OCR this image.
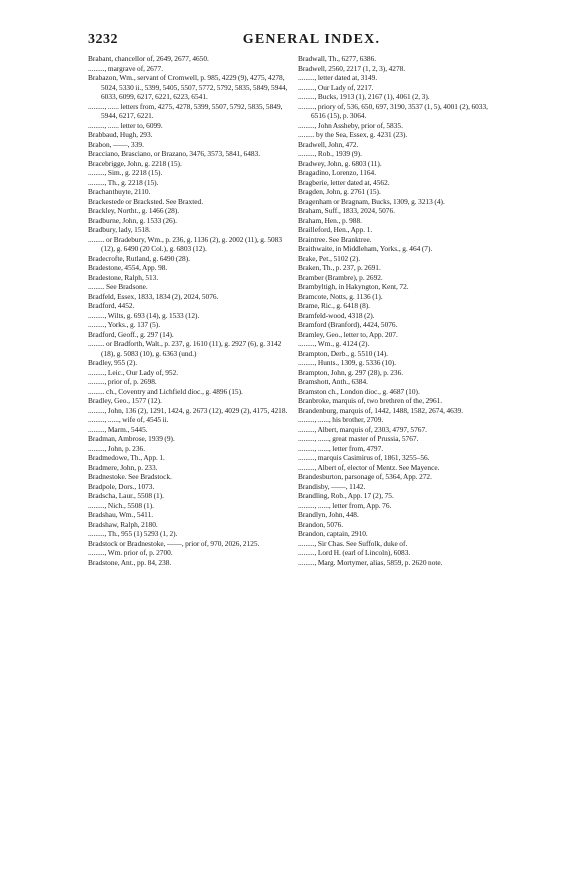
3232	GENERAL INDEX.
Brabant, chancellor of, 2649, 2677, 4650.
........., margrave of, 2677.
Brabazon, Wm., servant of Cromwell, p. 985, 4229 (9), 4275, 4278, 5024, 5330 ii., 5399, 5405, 5507, 5772, 5792, 5835, 5849, 5944, 6033, 6099, 6217, 6221, 6223, 6541.
........., ...... letters from, 4275, 4278, 5399, 5507, 5792, 5835, 5849, 5944, 6217, 6221.
........., ...... letter to, 6099.
Brabbaud, Hugh, 293.
Brabon, ——, 339.
Bracciano, Brasciano, or Brazano, 3476, 3573, 5841, 6483.
Bracebrigge, John, g. 2218 (15).
........., Sim., g. 2218 (15).
........., Th., g. 2218 (15).
Brachanthuyte, 2110.
Brackestede or Bracksted. See Braxted.
Brackley, Northt., g. 1466 (28).
Bradburne, John, g. 1533 (26).
Bradbury, lady, 1518.
......... or Bradebury, Wm., p. 236, g. 1136 (2), g. 2002 (11), g. 5083 (12), g. 6490 (20 Col.), g. 6803 (12).
Bradecrofte, Rutland, g. 6490 (28).
Bradestone, 4554, App. 98.
Bradestone, Ralph, 513.
......... See Bradsone.
Bradfeld, Essex, 1833, 1834 (2), 2024, 5076.
Bradford, 4452.
........., Wilts, g. 693 (14), g. 1533 (12).
........., Yorks., g. 137 (5).
Bradford, Geoff., g. 297 (14).
......... or Bradforth, Walt., p. 237, g. 1610 (11), g. 2927 (6), g. 3142 (18), g. 5083 (10), g. 6363 (und.)
Bradley, 955 (2).
........., Leic., Our Lady of, 952.
........., prior of, p. 2698.
......... ch., Coventry and Lichfield dioc., g. 4896 (15).
Bradley, Geo., 1577 (12).
........., John, 136 (2), 1291, 1424, g. 2673 (12), 4029 (2), 4175, 4218.
........., ......, wife of, 4545 ii.
........., Marm., 5445.
Bradman, Ambrose, 1939 (9).
........., John, p. 236.
Bradmedowe, Th., App. 1.
Bradmere, John, p. 233.
Bradnestoke. See Bradstock.
Bradpole, Dors., 1073.
Bradscha, Laur., 5508 (1).
........., Nich., 5508 (1).
Bradshau, Wm., 5411.
Bradshaw, Ralph, 2180.
........., Th., 955 (1) 5293 (1, 2).
Bradstock or Bradnestoke, ——, prior of, 970, 2026, 2125.
........., Wm. prior of, p. 2700.
Bradstone, Ant., pp. 84, 238.
Bradwall, Th., 6277, 6386.
Bradwell, 2560, 2217 (1, 2, 3), 4278.
........., letter dated at, 3149.
........., Our Lady of, 2217.
........., Bucks, 1913 (1), 2167 (1), 4061 (2, 3).
........., priory of, 536, 650, 697, 3190, 3537 (1, 5), 4001 (2), 6033, 6516 (15), p. 3064.
........., John Assheby, prior of, 5835.
......... by the Sea, Essex, g. 4231 (23).
Bradwell, John, 472.
........., Rob., 1939 (9).
Bradwey, John, g. 6803 (11).
Bragadino, Lorenzo, 1164.
Bragberie, letter dated at, 4562.
Bragden, John, g. 2761 (15).
Bragenham or Bragnam, Bucks, 1309, g. 3213 (4).
Braham, Suff., 1833, 2024, 5076.
Braham, Hen., p. 988.
Brailleford, Hen., App. 1.
Braintree. See Branktree.
Braithwaite, in Middleham, Yorks., g. 464 (7).
Brake, Pet., 5102 (2).
Braken, Th., p. 237, p. 2691.
Bramber (Brambre), p. 2692.
Brambyltigh, in Hakyngton, Kent, 72.
Bramcote, Notts, g. 1136 (1).
Brame, Ric., g. 6418 (8).
Bramfeld-wood, 4318 (2).
Bramford (Branford), 4424, 5076.
Bramley, Geo., letter to, App. 207.
........., Wm., g. 4124 (2).
Brampton, Derb., g. 5510 (14).
........., Hunts., 1309, g. 5336 (10).
Brampton, John, g. 297 (28), p. 236.
Bramshott, Anth., 6384.
Bramston ch., London dioc., g. 4687 (10).
Branbroke, marquis of, two brethren of the, 2961.
Brandenburg, marquis of, 1442, 1488, 1582, 2674, 4639.
........., ......, his brother, 2709.
........., Albert, marquis of, 2303, 4797, 5767.
........., ......, great master of Prussia, 5767.
........., ......, letter from, 4797.
........., marquis Casimirus of, 1861, 3255–56.
........., Albert of, elector of Mentz. See Mayence.
Brandesburton, parsonage of, 5364, App. 272.
Brandisby, ——, 1142.
Brandling, Rob., App. 17 (2), 75.
........., ......, letter from, App. 76.
Brandlyn, John, 448.
Brandon, 5076.
Brandon, captain, 2910.
........., Sir Chas. See Suffolk, duke of.
........., Lord H. (earl of Lincoln), 6083.
........., Marg. Mortymer, alias, 5859, p. 2620 note.
